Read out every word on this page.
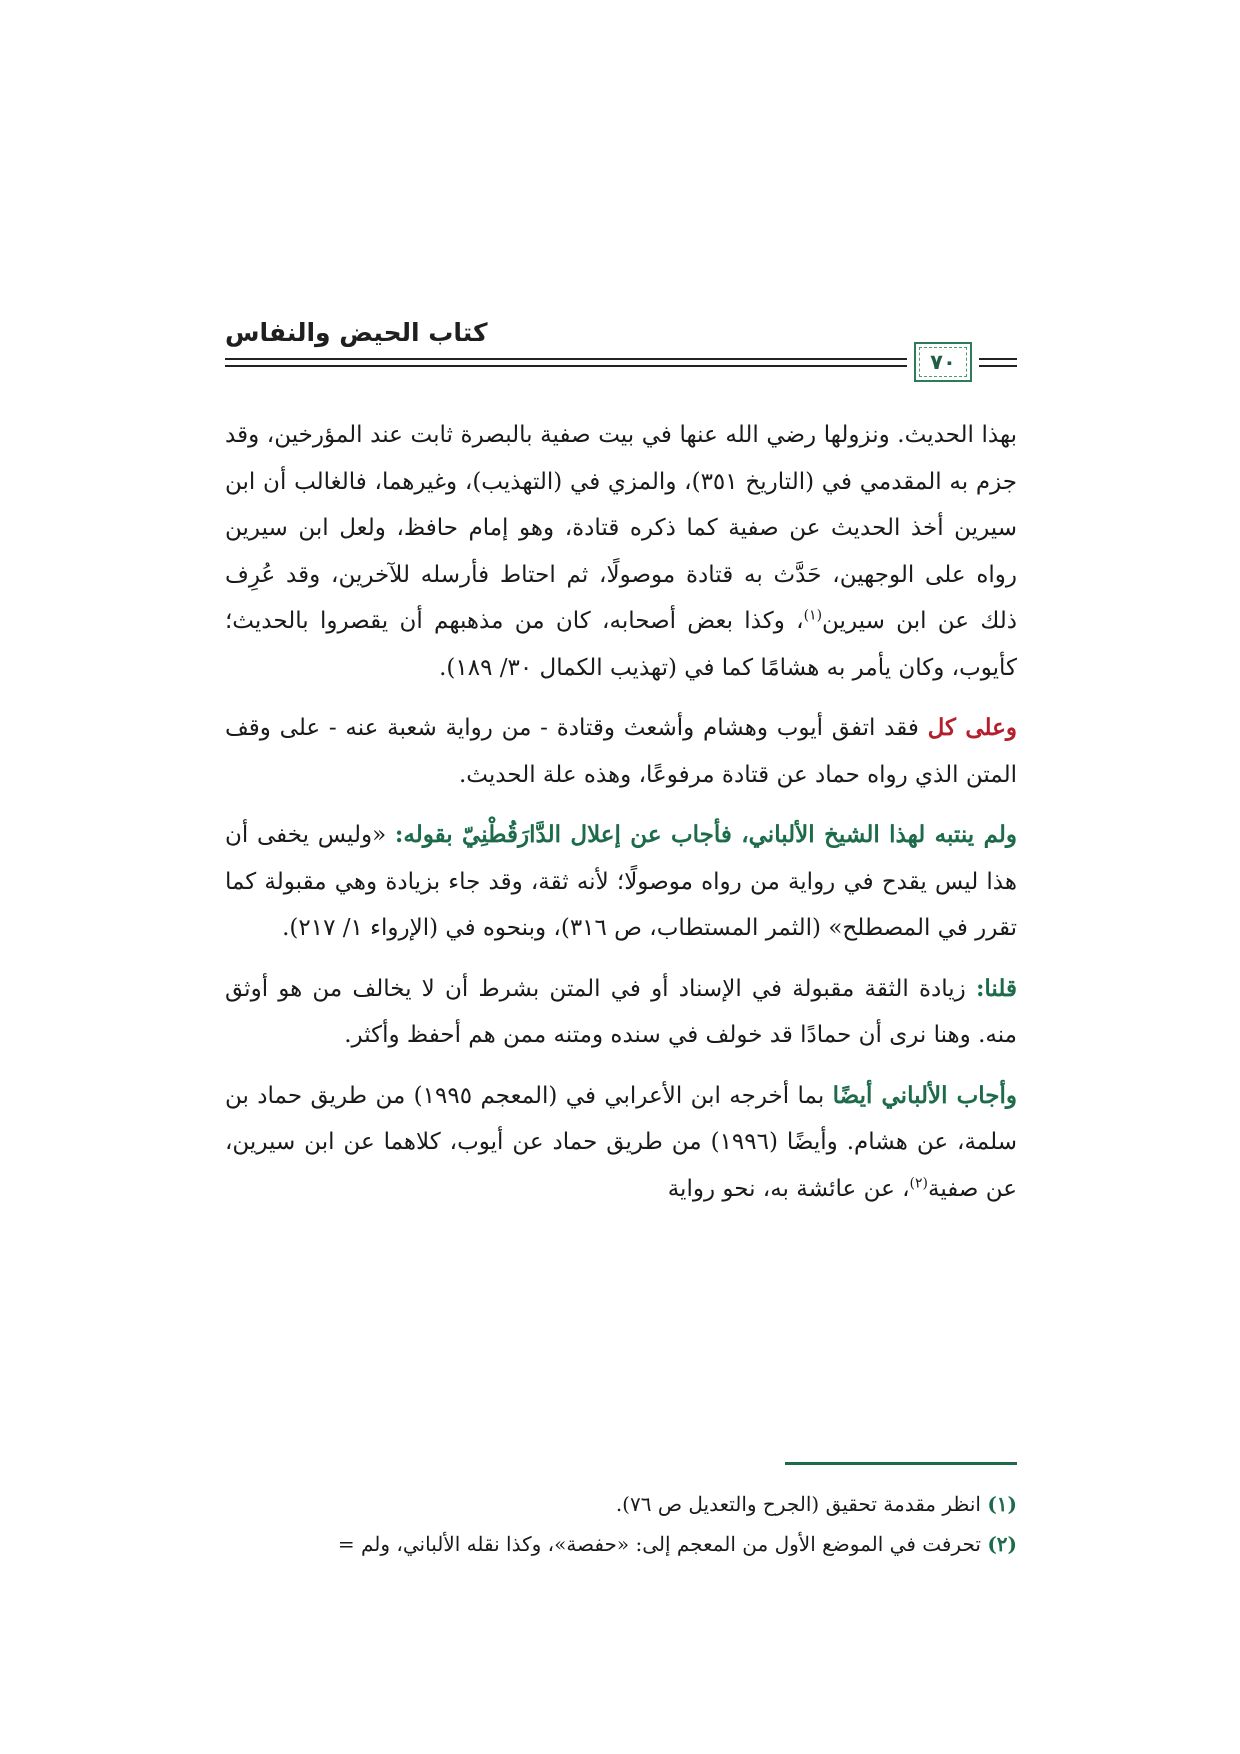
كتاب الحيض والنفاس
٧٠

بهذا الحديث. ونزولها رضي الله عنها في بيت صفية بالبصرة ثابت عند المؤرخين، وقد جزم به المقدمي في (التاريخ ٣٥١)، والمزي في (التهذيب)، وغيرهما، فالغالب أن ابن سيرين أخذ الحديث عن صفية كما ذكره قتادة، وهو إمام حافظ، ولعل ابن سيرين رواه على الوجهين، حَدَّث به قتادة موصولًا، ثم احتاط فأرسله للآخرين، وقد عُرِف ذلك عن ابن سيرين$^{(١)}$، وكذا بعض أصحابه، كان من مذهبهم أن يقصروا بالحديث؛ كأيوب، وكان يأمر به هشامًا كما في (تهذيب الكمال ٣٠/ ١٨٩).

وعلى كل فقد اتفق أيوب وهشام وأشعث وقتادة - من رواية شعبة عنه - على وقف المتن الذي رواه حماد عن قتادة مرفوعًا، وهذه علة الحديث.

ولم ينتبه لهذا الشيخ الألباني، فأجاب عن إعلال الدَّارَقُطْنِيّ بقوله: «وليس يخفى أن هذا ليس يقدح في رواية من رواه موصولًا؛ لأنه ثقة، وقد جاء بزيادة وهي مقبولة كما تقرر في المصطلح» (الثمر المستطاب، ص ٣١٦)، وبنحوه في (الإرواء ١/ ٢١٧).

قلنا: زيادة الثقة مقبولة في الإسناد أو في المتن بشرط أن لا يخالف من هو أوثق منه. وهنا نرى أن حمادًا قد خولف في سنده ومتنه ممن هم أحفظ وأكثر.

وأجاب الألباني أيضًا بما أخرجه ابن الأعرابي في (المعجم ١٩٩٥) من طريق حماد بن سلمة، عن هشام. وأيضًا (١٩٩٦) من طريق حماد عن أيوب، كلاهما عن ابن سيرين، عن صفية$^{(٢)}$، عن عائشة به، نحو رواية

(١) انظر مقدمة تحقيق (الجرح والتعديل ص ٧٦).
(٢) تحرفت في الموضع الأول من المعجم إلى: «حفصة»، وكذا نقله الألباني، ولم =
